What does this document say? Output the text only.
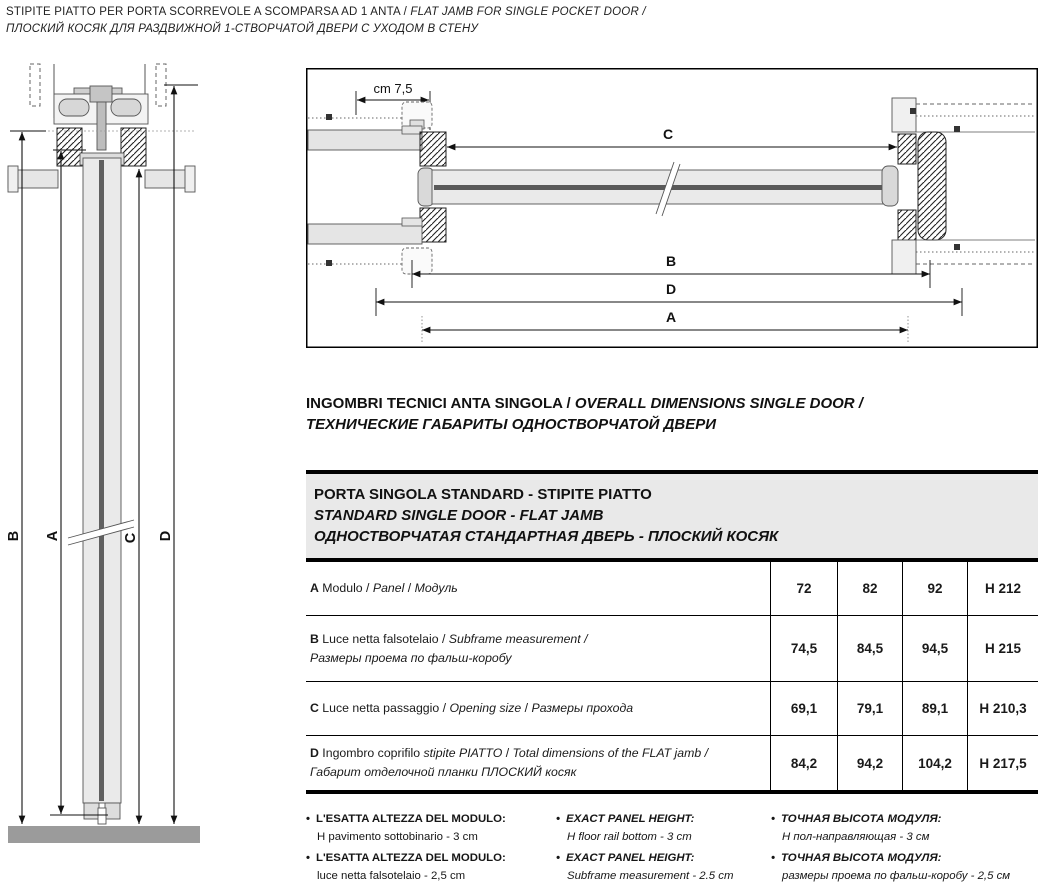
STIPITE PIATTO PER PORTA SCORREVOLE A SCOMPARSA AD 1 ANTA / FLAT JAMB FOR SINGLE POCKET DOOR /
ПЛОСКИЙ КОСЯК ДЛЯ РАЗДВИЖНОЙ 1-СТВОРЧАТОЙ ДВЕРИ С УХОДОМ В СТЕНУ
B A	C D
cm 7,5
C
B
D
A
INGOMBRI TECNICI ANTA SINGOLA / OVERALL DIMENSIONS SINGLE DOOR /
ТЕХНИЧЕСКИЕ ГАБАРИТЫ ОДНОСТВОРЧАТОЙ ДВЕРИ
PORTA SINGOLA STANDARD - STIPITE PIATTO
STANDARD SINGLE DOOR - FLAT JAMB
ОДНОСТВОРЧАТАЯ СТАНДАРТНАЯ ДВЕРЬ - ПЛОСКИЙ КОСЯК
A Modulo / Panel / Модуль	72	82	92	H 212
B Luce netta falsotelaio / Subframe measurement /
Размеры проема по фальш-коробу
74,5	84,5	94,5	H 215
C Luce netta passaggio / Opening size / Размеры прохода	69,1	79,1	89,1	H 210,3
D Ingombro coprifilo stipite PIATTO / Total dimensions of the FLAT jamb /
Габарит отделочной планки ПЛОСКИЙ косяк
84,2	94,2	104,2	H 217,5
• L'ESATTA ALTEZZA DEL MODULO:
H pavimento sottobinario - 3 cm
• L'ESATTA ALTEZZA DEL MODULO:
luce netta falsotelaio - 2,5 cm
• EXACT PANEL HEIGHT:
H floor rail bottom - 3 cm
• EXACT PANEL HEIGHT:
Subframe measurement - 2.5 cm
• ТОЧНАЯ ВЫСОТА МОДУЛЯ:
Н пол-направляющая - 3 см
• ТОЧНАЯ ВЫСОТА МОДУЛЯ:
размеры проема по фальш-коробу - 2,5 см
